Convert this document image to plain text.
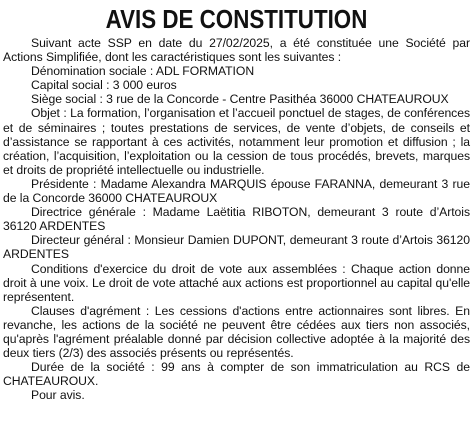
AVIS DE CONSTITUTION

Suivant acte SSP en date du 27/02/2025, a été constituée une Société par Actions Simplifiée, dont les caractéristiques sont les suivantes :

Dénomination sociale : ADL FORMATION

Capital social : 3 000 euros

Siège social : 3 rue de la Concorde - Centre Pasithéa 36000 CHATEAUROUX

Objet : La formation, l’organisation et l’accueil ponctuel de stages, de conférences et de séminaires ; toutes prestations de services, de vente d’objets, de conseils et d’assistance se rapportant à ces activités, notamment leur promotion et diffusion ; la création, l’acquisition, l’exploitation ou la cession de tous procédés, brevets, marques et droits de propriété intellectuelle ou industrielle.

Présidente : Madame Alexandra MARQUIS épouse FARANNA, demeurant 3 rue de la Concorde 36000 CHATEAUROUX

Directrice générale : Madame Laëtitia RIBOTON, demeurant 3 route d’Artois 36120 ARDENTES

Directeur général : Monsieur Damien DUPONT, demeurant 3 route d’Artois 36120 ARDENTES

Conditions d'exercice du droit de vote aux assemblées : Chaque action donne droit à une voix. Le droit de vote attaché aux actions est proportionnel au capital qu'elle représentent.

Clauses d'agrément : Les cessions d'actions entre actionnaires sont libres. En revanche, les actions de la société ne peuvent être cédées aux tiers non associés, qu'après l'agrément préalable donné par décision collective adoptée à la majorité des deux tiers (2/3) des associés présents ou représentés.

Durée de la société : 99 ans à compter de son immatriculation au RCS de CHATEAUROUX.

Pour avis.
